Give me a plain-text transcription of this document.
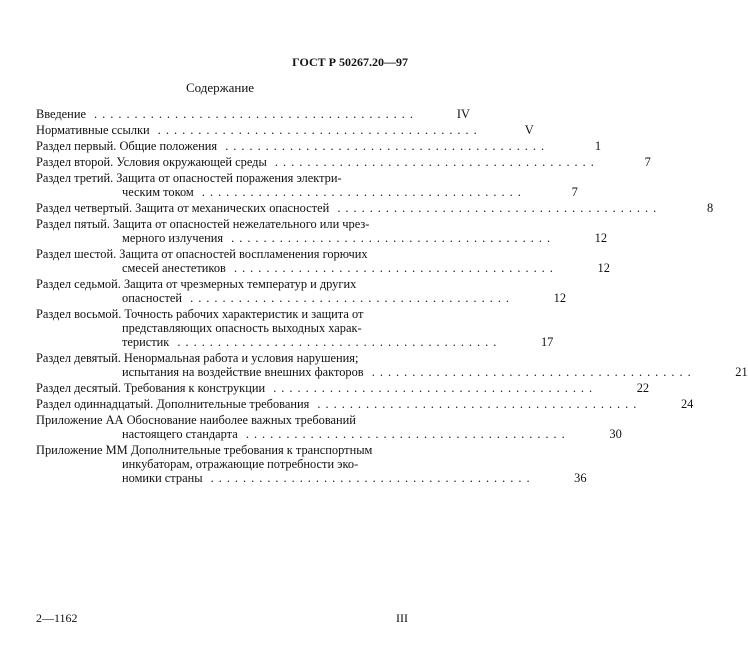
ГОСТ Р 50267.20—97
Содержание
Введение ........................................	IV
Нормативные ссылки ........................................	V
Раздел первый. Общие положения ........................................	1
Раздел второй. Условия окружающей среды ........................................	7
Раздел третий. Защита от опасностей поражения электри-
ческим током ........................................	7
Раздел четвертый. Защита от механических опасностей ........................................	8
Раздел пятый. Защита от опасностей нежелательного или чрез-
мерного излучения ........................................	12
Раздел шестой. Защита от опасностей воспламенения горючих
смесей анестетиков ........................................	12
Раздел седьмой. Защита от чрезмерных температур и других
опасностей ........................................	12
Раздел восьмой. Точность рабочих характеристик и защита от
представляющих опасность выходных харак-
теристик ........................................	17
Раздел девятый. Ненормальная работа и условия нарушения;
испытания на воздействие внешних факторов ........................................	21
Раздел десятый. Требования к конструкции ........................................	22
Раздел одиннадцатый. Дополнительные требования ........................................	24
Приложение АА Обоснование наиболее важных требований
настоящего стандарта ........................................	30
Приложение ММ Дополнительные требования к транспортным
инкубаторам, отражающие потребности эко-
номики страны ........................................	36
2—1162	III
